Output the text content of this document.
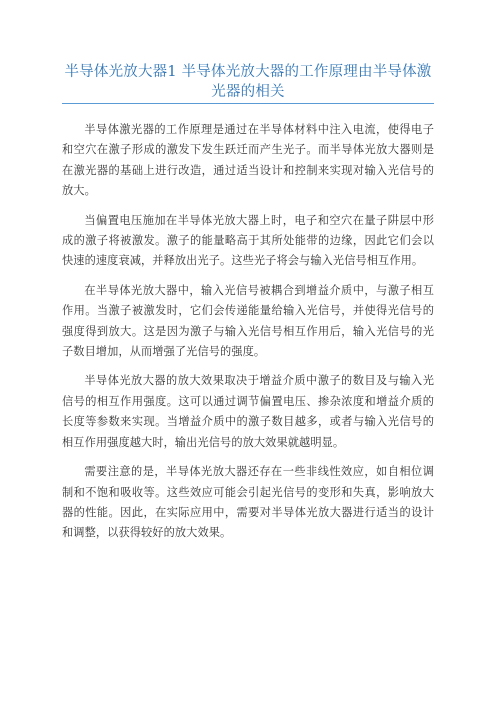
半导体光放大器1 半导体光放大器的工作原理由半导体激光器的相关

半导体激光器的工作原理是通过在半导体材料中注入电流，使得电子和空穴在激子形成的激发下发生跃迁而产生光子。而半导体光放大器则是在激光器的基础上进行改造，通过适当设计和控制来实现对输入光信号的放大。

当偏置电压施加在半导体光放大器上时，电子和空穴在量子阱层中形成的激子将被激发。激子的能量略高于其所处能带的边缘，因此它们会以快速的速度衰减，并释放出光子。这些光子将会与输入光信号相互作用。

在半导体光放大器中，输入光信号被耦合到增益介质中，与激子相互作用。当激子被激发时，它们会传递能量给输入光信号，并使得光信号的强度得到放大。这是因为激子与输入光信号相互作用后，输入光信号的光子数目增加，从而增强了光信号的强度。

半导体光放大器的放大效果取决于增益介质中激子的数目及与输入光信号的相互作用强度。这可以通过调节偏置电压、掺杂浓度和增益介质的长度等参数来实现。当增益介质中的激子数目越多，或者与输入光信号的相互作用强度越大时，输出光信号的放大效果就越明显。

需要注意的是，半导体光放大器还存在一些非线性效应，如自相位调制和不饱和吸收等。这些效应可能会引起光信号的变形和失真，影响放大器的性能。因此，在实际应用中，需要对半导体光放大器进行适当的设计和调整，以获得较好的放大效果。
